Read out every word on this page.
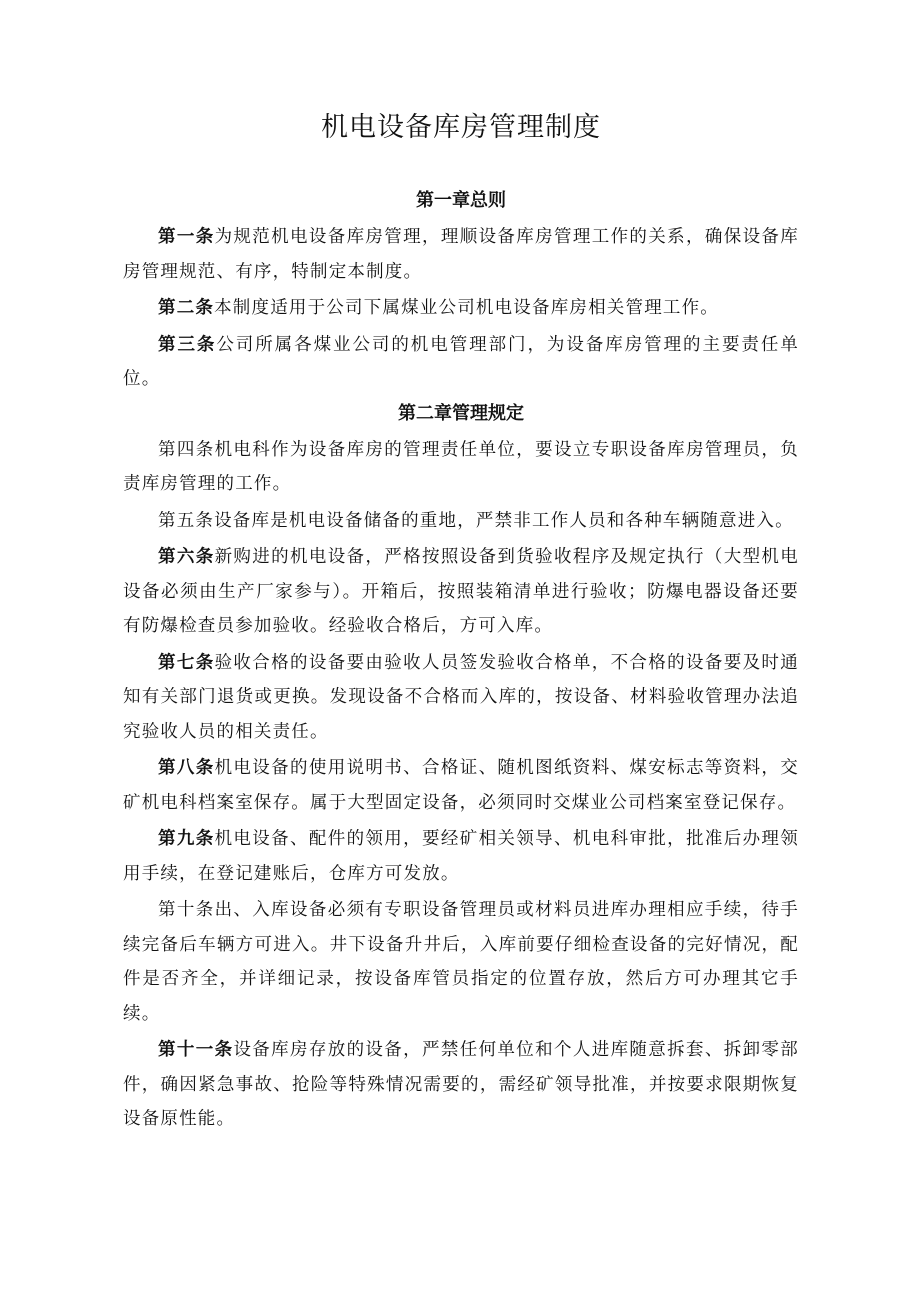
机电设备库房管理制度
第一章总则

第一条为规范机电设备库房管理，理顺设备库房管理工作的关系，确保设备库房管理规范、有序，特制定本制度。

第二条本制度适用于公司下属煤业公司机电设备库房相关管理工作。

第三条公司所属各煤业公司的机电管理部门，为设备库房管理的主要责任单位。

第二章管理规定

第四条机电科作为设备库房的管理责任单位，要设立专职设备库房管理员，负责库房管理的工作。

第五条设备库是机电设备储备的重地，严禁非工作人员和各种车辆随意进入。

第六条新购进的机电设备，严格按照设备到货验收程序及规定执行（大型机电设备必须由生产厂家参与）。开箱后，按照装箱清单进行验收；防爆电器设备还要有防爆检查员参加验收。经验收合格后，方可入库。

第七条验收合格的设备要由验收人员签发验收合格单，不合格的设备要及时通知有关部门退货或更换。发现设备不合格而入库的，按设备、材料验收管理办法追究验收人员的相关责任。

第八条机电设备的使用说明书、合格证、随机图纸资料、煤安标志等资料，交矿机电科档案室保存。属于大型固定设备，必须同时交煤业公司档案室登记保存。

第九条机电设备、配件的领用，要经矿相关领导、机电科审批，批准后办理领用手续，在登记建账后，仓库方可发放。

第十条出、入库设备必须有专职设备管理员或材料员进库办理相应手续，待手续完备后车辆方可进入。井下设备升井后，入库前要仔细检查设备的完好情况，配件是否齐全，并详细记录，按设备库管员指定的位置存放，然后方可办理其它手续。

第十一条设备库房存放的设备，严禁任何单位和个人进库随意拆套、拆卸零部件，确因紧急事故、抢险等特殊情况需要的，需经矿领导批准，并按要求限期恢复设备原性能。
